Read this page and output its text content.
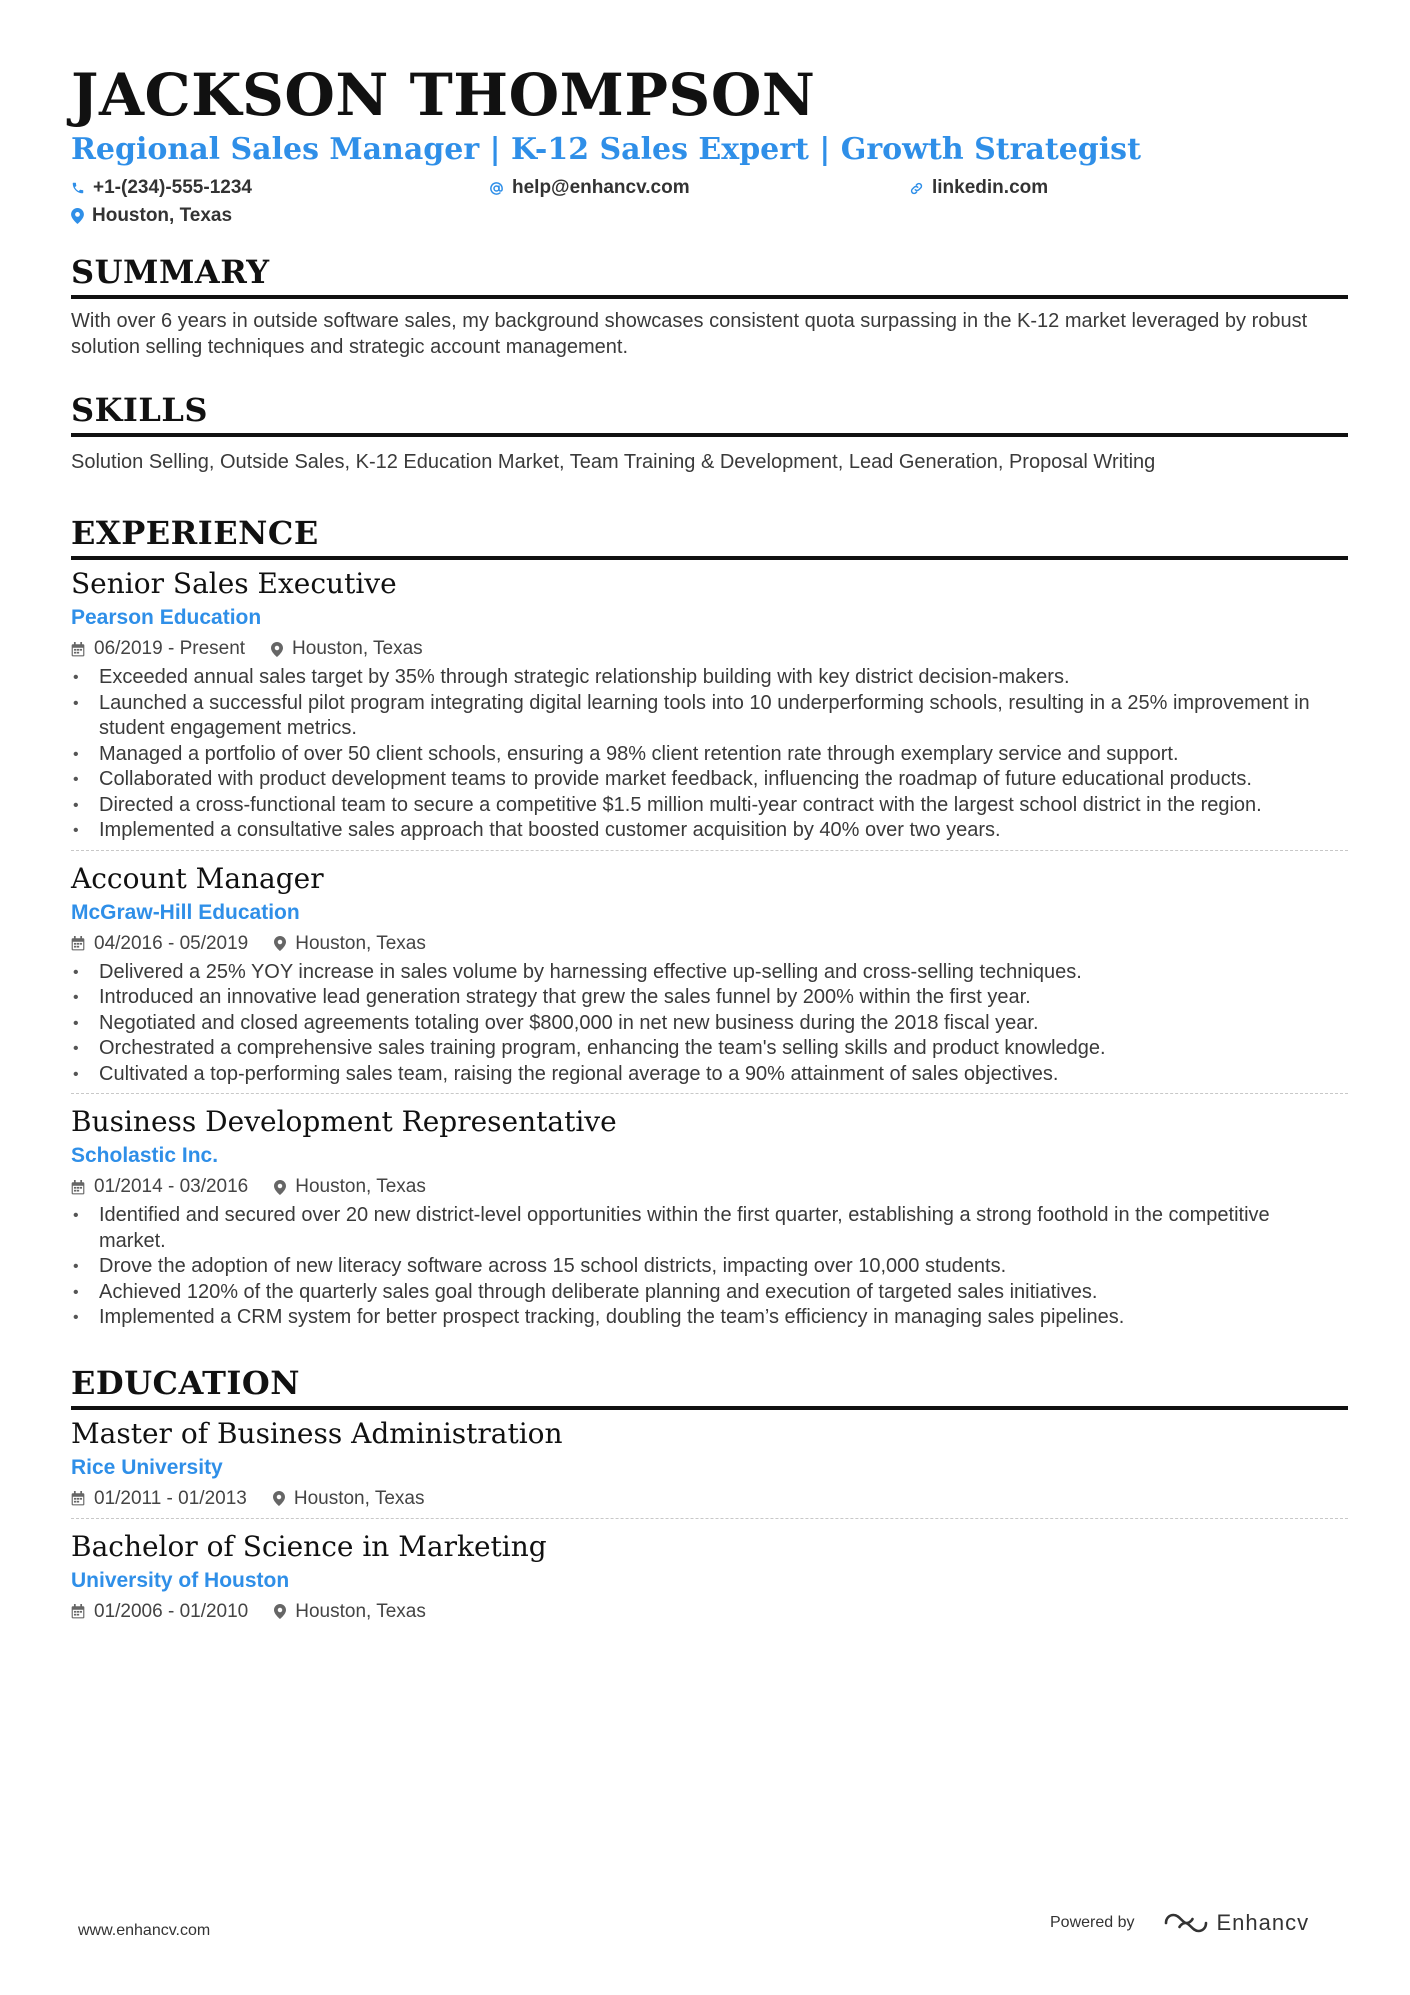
JACKSON THOMPSON
Regional Sales Manager | K-12 Sales Expert | Growth Strategist
+1-(234)-555-1234	help@enhancv.com	linkedin.com
Houston, Texas
SUMMARY
With over 6 years in outside software sales, my background showcases consistent quota surpassing in the K-12 market leveraged by robust solution selling techniques and strategic account management.
SKILLS
Solution Selling, Outside Sales, K-12 Education Market, Team Training & Development, Lead Generation, Proposal Writing
EXPERIENCE
Senior Sales Executive
Pearson Education
06/2019 - Present Houston, Texas
• Exceeded annual sales target by 35% through strategic relationship building with key district decision-makers.
• Launched a successful pilot program integrating digital learning tools into 10 underperforming schools, resulting in a 25% improvement in student engagement metrics.
• Managed a portfolio of over 50 client schools, ensuring a 98% client retention rate through exemplary service and support.
• Collaborated with product development teams to provide market feedback, influencing the roadmap of future educational products.
• Directed a cross-functional team to secure a competitive $1.5 million multi-year contract with the largest school district in the region.
• Implemented a consultative sales approach that boosted customer acquisition by 40% over two years.
Account Manager
McGraw-Hill Education
04/2016 - 05/2019 Houston, Texas
• Delivered a 25% YOY increase in sales volume by harnessing effective up-selling and cross-selling techniques.
• Introduced an innovative lead generation strategy that grew the sales funnel by 200% within the first year.
• Negotiated and closed agreements totaling over $800,000 in net new business during the 2018 fiscal year.
• Orchestrated a comprehensive sales training program, enhancing the team's selling skills and product knowledge.
• Cultivated a top-performing sales team, raising the regional average to a 90% attainment of sales objectives.
Business Development Representative
Scholastic Inc.
01/2014 - 03/2016 Houston, Texas
• Identified and secured over 20 new district-level opportunities within the first quarter, establishing a strong foothold in the competitive market.
• Drove the adoption of new literacy software across 15 school districts, impacting over 10,000 students.
• Achieved 120% of the quarterly sales goal through deliberate planning and execution of targeted sales initiatives.
• Implemented a CRM system for better prospect tracking, doubling the team’s efficiency in managing sales pipelines.
EDUCATION
Master of Business Administration
Rice University
01/2011 - 01/2013 Houston, Texas
Bachelor of Science in Marketing
University of Houston
01/2006 - 01/2010 Houston, Texas
www.enhancv.com	Powered by	Enhancv
